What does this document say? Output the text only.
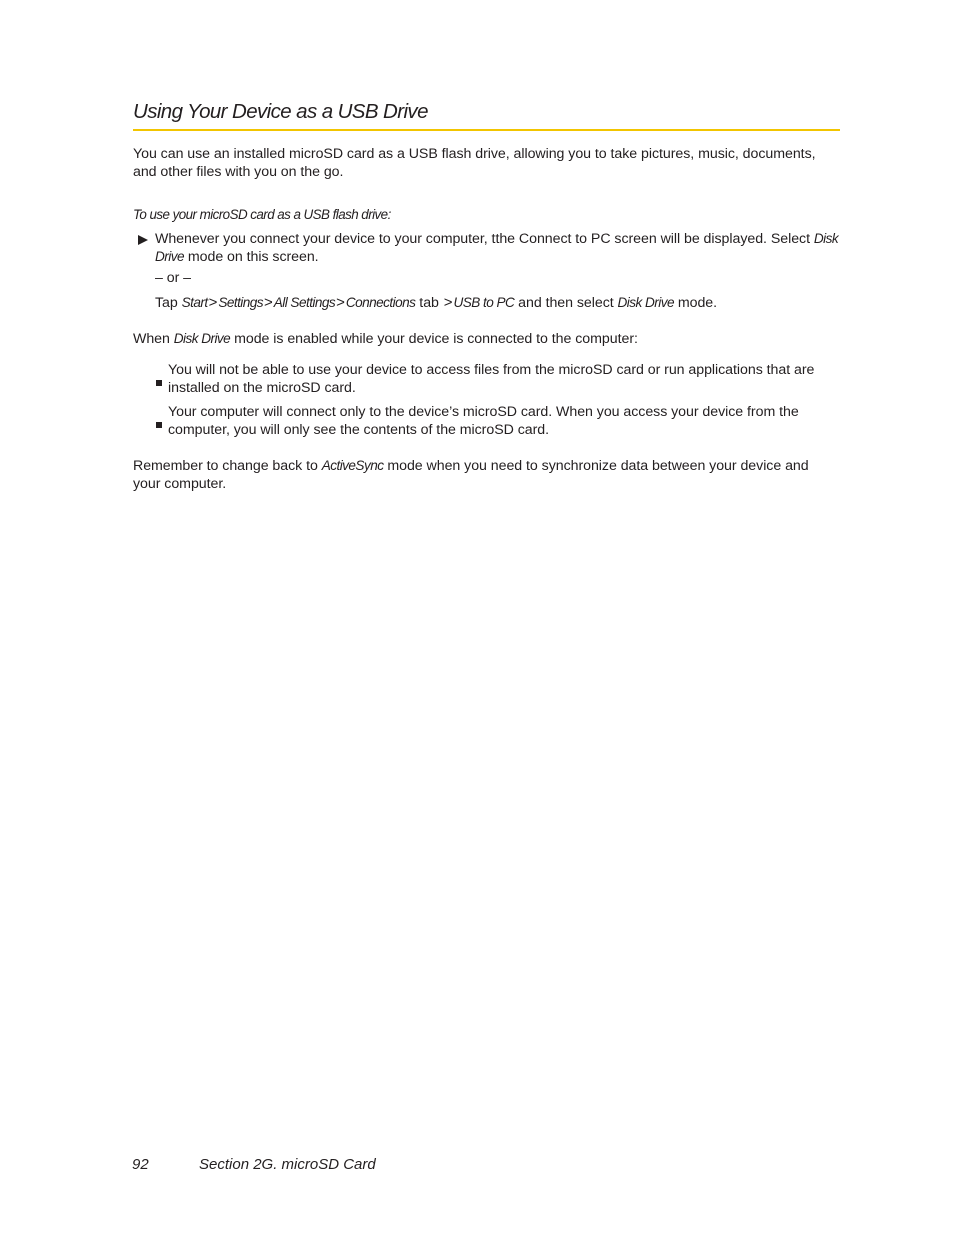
Using Your Device as a USB Drive

You can use an installed microSD card as a USB flash drive, allowing you to take pictures, music, documents, and other files with you on the go.

To use your microSD card as a USB flash drive:

Whenever you connect your device to your computer, tthe Connect to PC screen will be displayed. Select Disk Drive mode on this screen.

– or –
Tap Start>Settings>All Settings>Connections tab >USB to PC and then select Disk Drive mode.

When Disk Drive mode is enabled while your device is connected to the computer:

You will not be able to use your device to access files from the microSD card or run applications that are installed on the microSD card.

Your computer will connect only to the device’s microSD card. When you access your device from the computer, you will only see the contents of the microSD card.

Remember to change back to ActiveSync mode when you need to synchronize data between your device and your computer.

92	Section 2G. microSD Card
